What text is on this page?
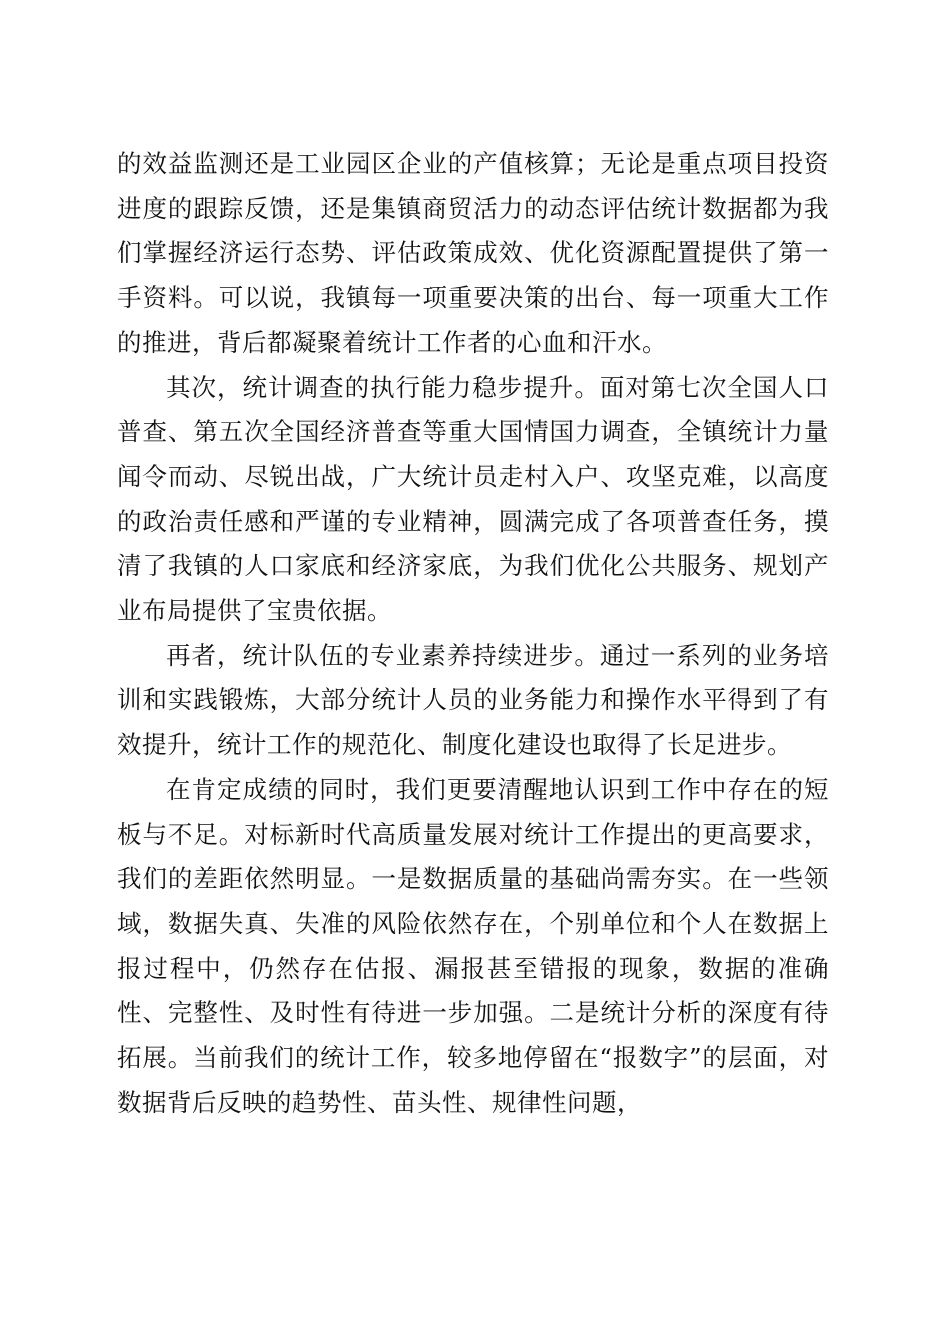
的效益监测还是工业园区企业的产值核算；无论是重点项目投资进度的跟踪反馈，还是集镇商贸活力的动态评估统计数据都为我们掌握经济运行态势、评估政策成效、优化资源配置提供了第一手资料。可以说，我镇每一项重要决策的出台、每一项重大工作的推进，背后都凝聚着统计工作者的心血和汗水。

其次，统计调查的执行能力稳步提升。面对第七次全国人口普查、第五次全国经济普查等重大国情国力调查，全镇统计力量闻令而动、尽锐出战，广大统计员走村入户、攻坚克难，以高度的政治责任感和严谨的专业精神，圆满完成了各项普查任务，摸清了我镇的人口家底和经济家底，为我们优化公共服务、规划产业布局提供了宝贵依据。

再者，统计队伍的专业素养持续进步。通过一系列的业务培训和实践锻炼，大部分统计人员的业务能力和操作水平得到了有效提升，统计工作的规范化、制度化建设也取得了长足进步。

在肯定成绩的同时，我们更要清醒地认识到工作中存在的短板与不足。对标新时代高质量发展对统计工作提出的更高要求，我们的差距依然明显。一是数据质量的基础尚需夯实。在一些领域，数据失真、失准的风险依然存在，个别单位和个人在数据上报过程中，仍然存在估报、漏报甚至错报的现象，数据的准确性、完整性、及时性有待进一步加强。二是统计分析的深度有待拓展。当前我们的统计工作，较多地停留在“报数字”的层面，对数据背后反映的趋势性、苗头性、规律性问题，
